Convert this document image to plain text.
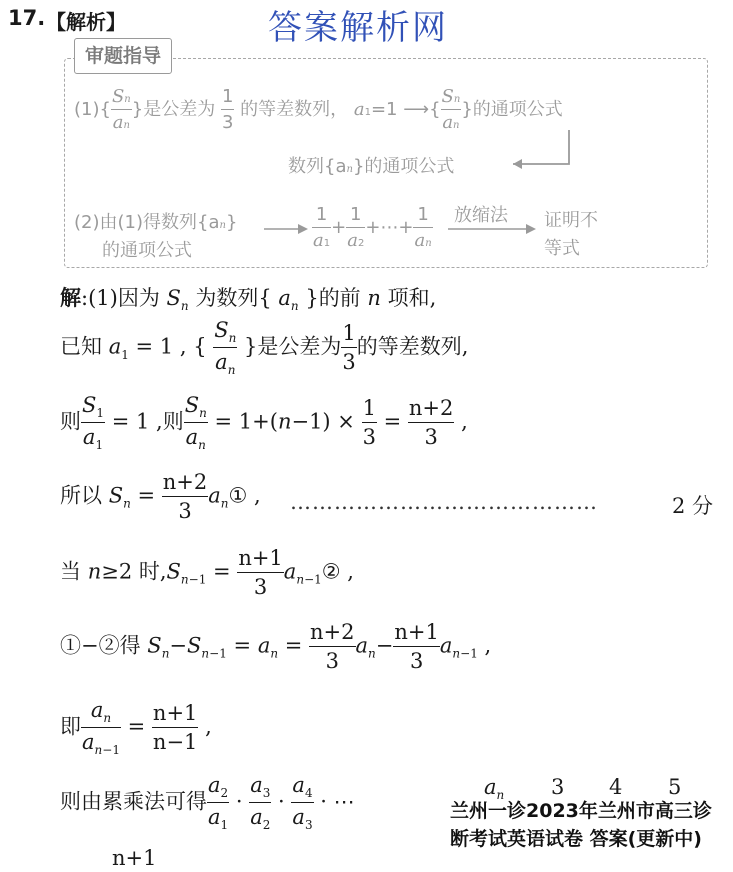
17. 【解析】	答案解析网
审题指导
$(1)\{ \frac{Sn}{an}$ }是公差为 $\frac{1}{3}$ 的等差数列， a1=1 ⟶{ $\frac{Sn}{an}$ }的通项公式
数列{an}的通项公式
(2)由(1)得数列{an}
的通项公式
$\frac{1}{a1} + \frac{1}{a2}$ +⋯+ $\frac{1}{an}$ 放缩法 证明不
等式
解:(1)因为 $S_n$ 为数列{ $a_n$ }的前 n 项和,
已知 $a_1 = 1$ , { $\frac{S_n}{a_n}$ }是公差为 $\frac{1}{3}$ 的等差数列,
则 $\frac{S_1}{a_1} = 1$ ,则 $\frac{S_n}{a_n} = 1+(n-1) \times \frac{1}{3} = \frac{n+2}{3}$ ,
所以 $S_n = \frac{n+2}{3}$ $a_n①$ , ……………………………………	2 分
当 n≥2 时$,S_{n-1} = \frac{n+1}{3}$ $a_{n-1}②$ ,
①−②得 $S_n-S_{n-1} = a_n = \frac{n+2}{3} a_n- \frac{n+1}{3} a_{n-1}$ ,
即 $\frac{a_n}{a_{n-1}} = \frac{n+1}{n-1}$ ,
则由累乘法可得 $\frac{a_2}{a_1} \cdot \frac{a_3}{a_2} \cdot \frac{a_4}{a_3}$ · ⋯
$a_n$ 3 4 5
n+1
兰州一诊2023年兰州市高三诊
断考试英语试卷 答案(更新中)
